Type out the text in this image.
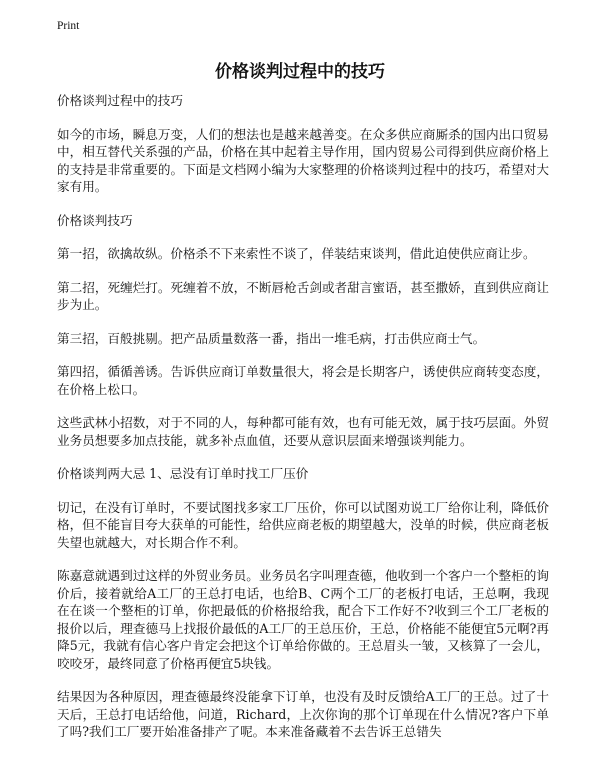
Print
价格谈判过程中的技巧
价格谈判过程中的技巧

如今的市场，瞬息万变，人们的想法也是越来越善变。在众多供应商厮杀的国内出口贸易中，相互替代关系强的产品，价格在其中起着主导作用，国内贸易公司得到供应商价格上的支持是非常重要的。下面是文档网小编为大家整理的价格谈判过程中的技巧，希望对大家有用。

价格谈判技巧

第一招，欲擒故纵。价格杀不下来索性不谈了，佯装结束谈判，借此迫使供应商让步。

第二招，死缠烂打。死缠着不放，不断唇枪舌剑或者甜言蜜语，甚至撒娇，直到供应商让步为止。

第三招，百般挑剔。把产品质量数落一番，指出一堆毛病，打击供应商士气。

第四招，循循善诱。告诉供应商订单数量很大，将会是长期客户，诱使供应商转变态度，在价格上松口。

这些武林小招数，对于不同的人，每种都可能有效，也有可能无效，属于技巧层面。外贸业务员想要多加点技能，就多补点血值，还要从意识层面来增强谈判能力。

价格谈判两大忌 1、忌没有订单时找工厂压价

切记，在没有订单时，不要试图找多家工厂压价，你可以试图劝说工厂给你让利，降低价格，但不能盲目夸大获单的可能性，给供应商老板的期望越大，没单的时候，供应商老板失望也就越大，对长期合作不利。

陈嘉意就遇到过这样的外贸业务员。业务员名字叫理查德，他收到一个客户一个整柜的询价后，接着就给A工厂的王总打电话，也给B、C两个工厂的老板打电话，王总啊，我现在在谈一个整柜的订单，你把最低的价格报给我，配合下工作好不?收到三个工厂老板的报价以后，理查德马上找报价最低的A工厂的王总压价，王总，价格能不能便宜5元啊?再降5元，我就有信心客户肯定会把这个订单给你做的。王总眉头一皱，又核算了一会儿，咬咬牙，最终同意了价格再便宜5块钱。

结果因为各种原因，理查德最终没能拿下订单，也没有及时反馈给A工厂的王总。过了十天后，王总打电话给他，问道，Richard，上次你询的那个订单现在什么情况?客户下单了吗?我们工厂要开始准备排产了呢。本来准备藏着不去告诉王总错失
